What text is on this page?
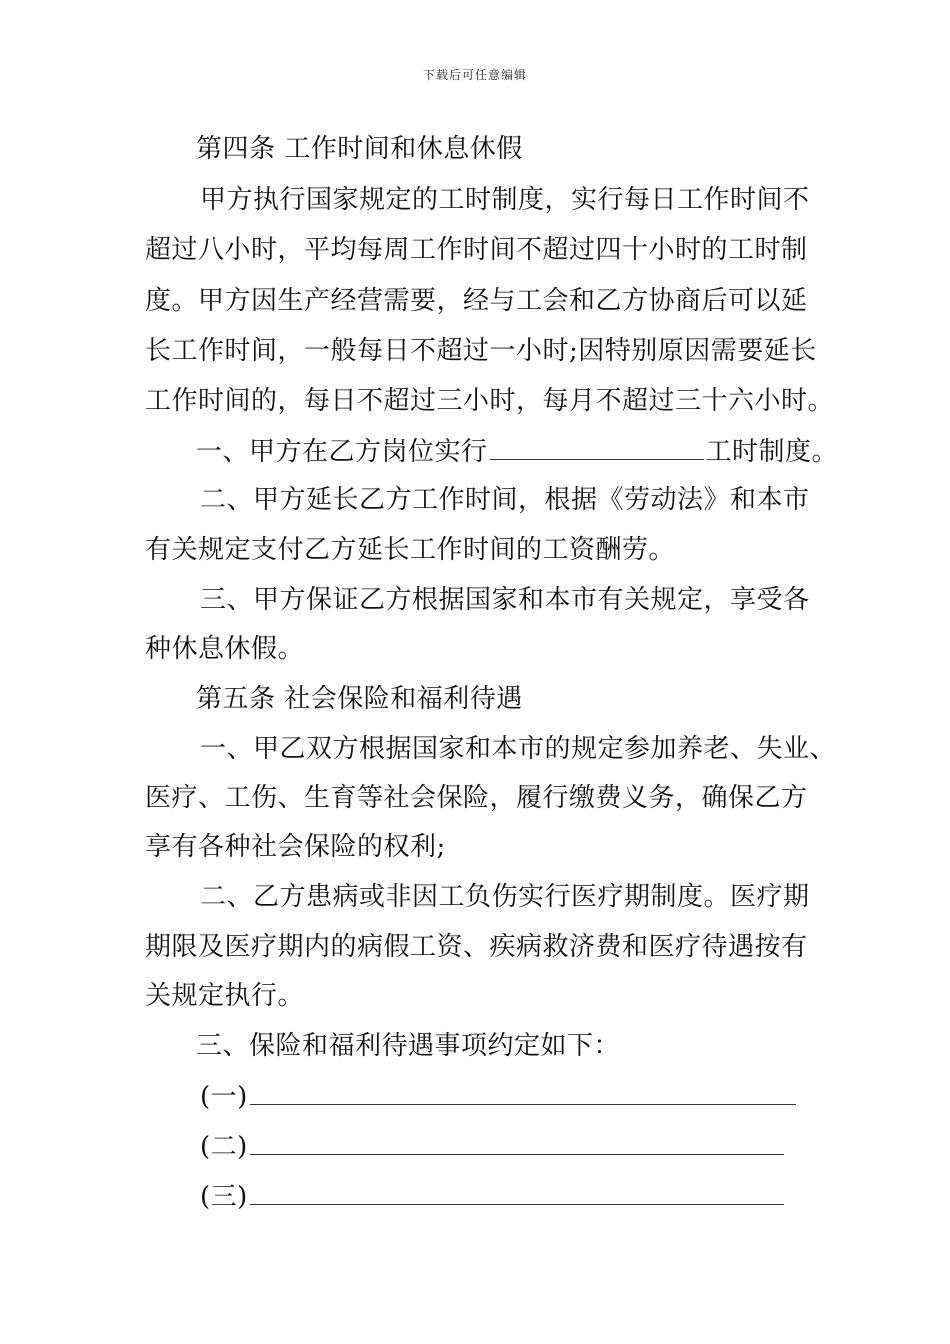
下载后可任意编辑
第四条 工作时间和休息休假
甲方执行国家规定的工时制度，实行每日工作时间不
超过八小时，平均每周工作时间不超过四十小时的工时制
度。甲方因生产经营需要，经与工会和乙方协商后可以延
长工作时间，一般每日不超过一小时;因特别原因需要延长
工作时间的，每日不超过三小时，每月不超过三十六小时。
一、甲方在乙方岗位实行	工时制度。
二、甲方延长乙方工作时间，根据《劳动法》和本市
有关规定支付乙方延长工作时间的工资酬劳。
三、甲方保证乙方根据国家和本市有关规定，享受各
种休息休假。
第五条 社会保险和福利待遇
一、甲乙双方根据国家和本市的规定参加养老、失业、
医疗、工伤、生育等社会保险，履行缴费义务，确保乙方
享有各种社会保险的权利;
二、乙方患病或非因工负伤实行医疗期制度。医疗期
期限及医疗期内的病假工资、疾病救济费和医疗待遇按有
关规定执行。
三、保险和福利待遇事项约定如下：
(一)
(二)
(三)
